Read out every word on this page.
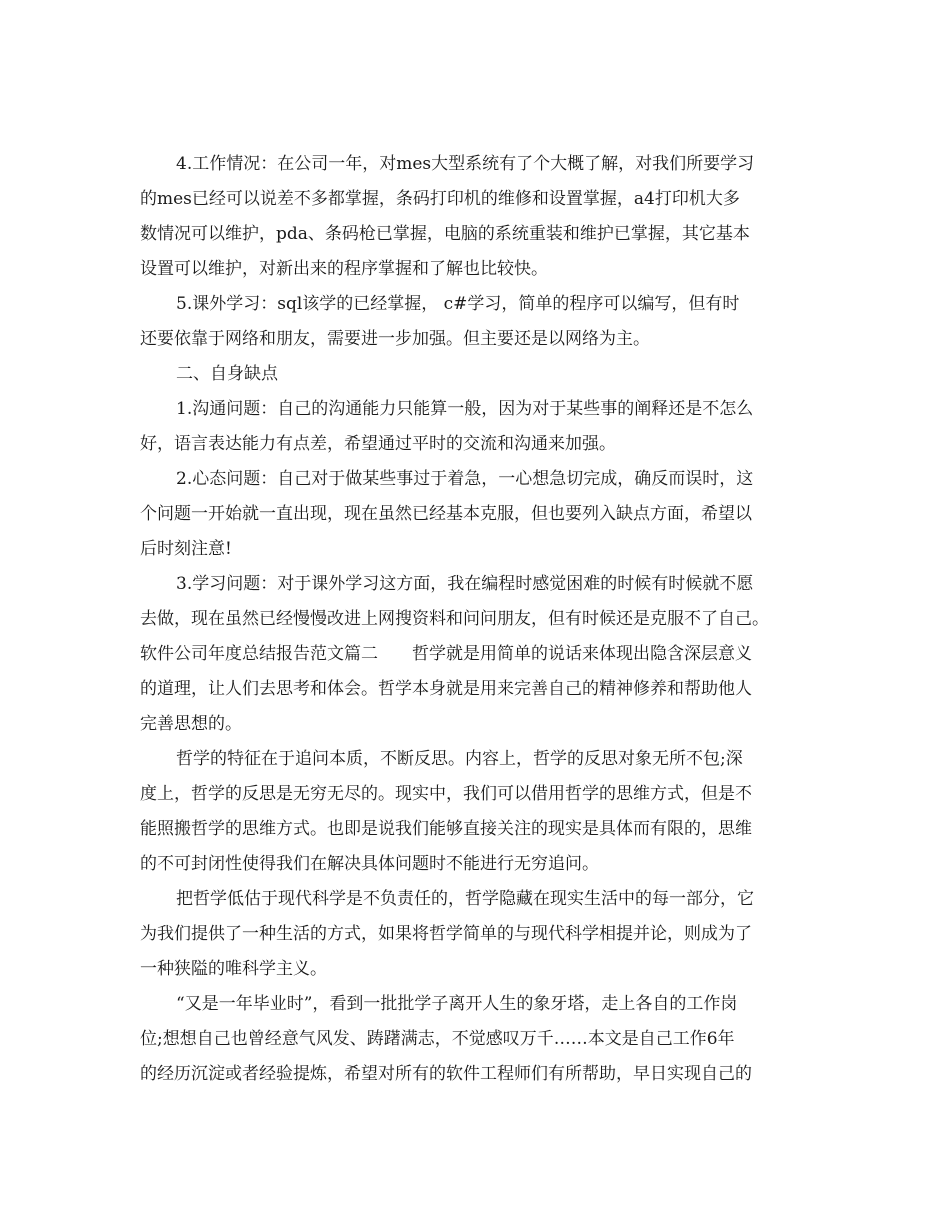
4.工作情况：在公司一年，对mes大型系统有了个大概了解，对我们所要学习
的mes已经可以说差不多都掌握，条码打印机的维修和设置掌握，a4打印机大多
数情况可以维护，pda、条码枪已掌握，电脑的系统重装和维护已掌握，其它基本
设置可以维护，对新出来的程序掌握和了解也比较快。
5.课外学习：sql该学的已经掌握， c#学习，简单的程序可以编写，但有时
还要依靠于网络和朋友，需要进一步加强。但主要还是以网络为主。
二、自身缺点
1.沟通问题：自己的沟通能力只能算一般，因为对于某些事的阐释还是不怎么
好，语言表达能力有点差，希望通过平时的交流和沟通来加强。
2.心态问题：自己对于做某些事过于着急，一心想急切完成，确反而误时，这
个问题一开始就一直出现，现在虽然已经基本克服，但也要列入缺点方面，希望以
后时刻注意!
3.学习问题：对于课外学习这方面，我在编程时感觉困难的时候有时候就不愿
去做，现在虽然已经慢慢改进上网搜资料和问问朋友，但有时候还是克服不了自己。
软件公司年度总结报告范文篇二　　哲学就是用简单的说话来体现出隐含深层意义
的道理，让人们去思考和体会。哲学本身就是用来完善自己的精神修养和帮助他人
完善思想的。
哲学的特征在于追问本质，不断反思。内容上，哲学的反思对象无所不包;深
度上，哲学的反思是无穷无尽的。现实中，我们可以借用哲学的思维方式，但是不
能照搬哲学的思维方式。也即是说我们能够直接关注的现实是具体而有限的，思维
的不可封闭性使得我们在解决具体问题时不能进行无穷追问。
把哲学低估于现代科学是不负责任的，哲学隐藏在现实生活中的每一部分，它
为我们提供了一种生活的方式，如果将哲学简单的与现代科学相提并论，则成为了
一种狭隘的唯科学主义。
“又是一年毕业时”，看到一批批学子离开人生的象牙塔，走上各自的工作岗
位;想想自己也曾经意气风发、踌躇满志，不觉感叹万千……本文是自己工作6年
的经历沉淀或者经验提炼，希望对所有的软件工程师们有所帮助，早日实现自己的
